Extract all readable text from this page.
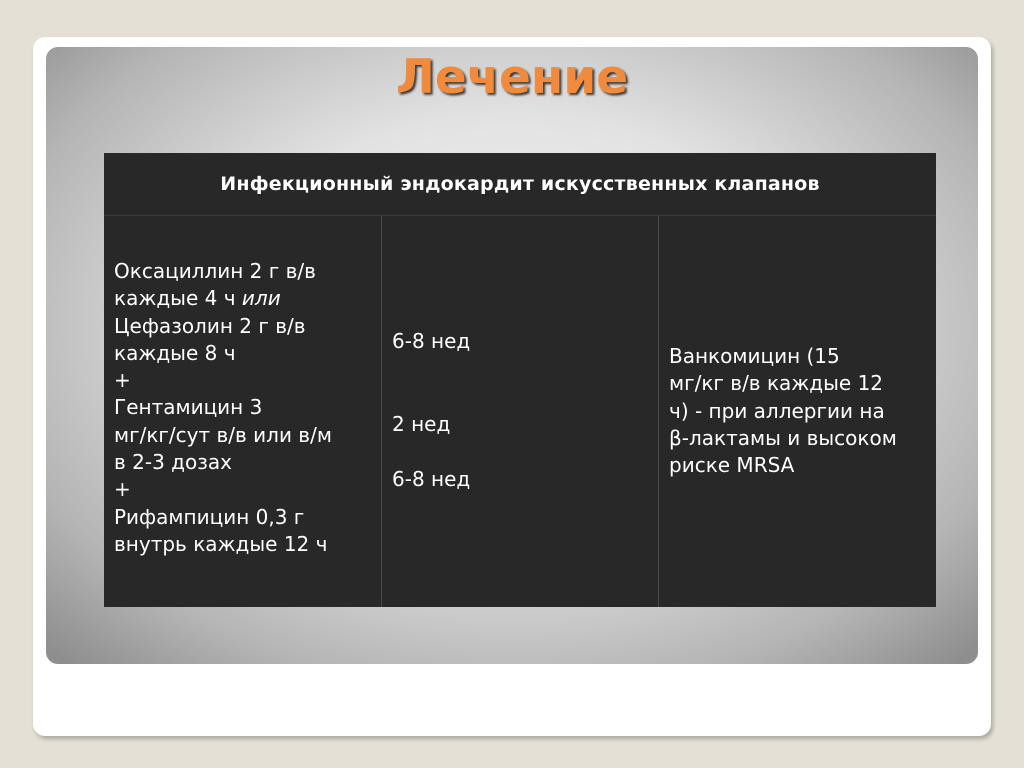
Лечение
Инфекционный эндокардит искусственных клапанов
Оксациллин 2 г в/в
каждые 4 ч или
Цефазолин 2 г в/в
каждые 8 ч
+
Гентамицин 3
мг/кг/сут в/в или в/м
в 2-3 дозах
+
Рифампицин 0,3 г
внутрь каждые 12 ч
6-8 нед
2 нед
6-8 нед
Ванкомицин (15
мг/кг в/в каждые 12
ч) - при аллергии на
β-лактамы и высоком
риске MRSA
